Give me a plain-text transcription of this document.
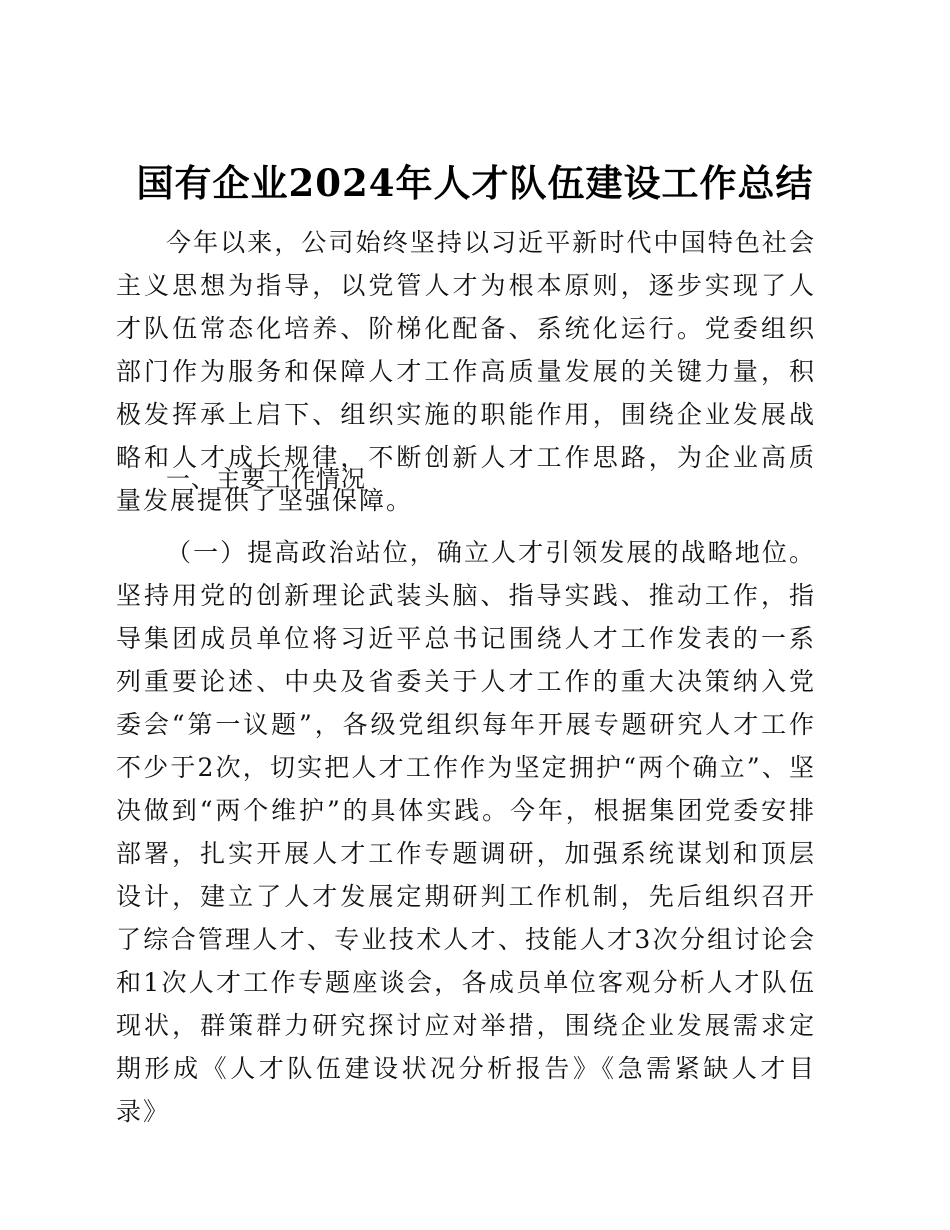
国有企业2024年人才队伍建设工作总结

今年以来，公司始终坚持以习近平新时代中国特色社会主义思想为指导，以党管人才为根本原则，逐步实现了人才队伍常态化培养、阶梯化配备、系统化运行。党委组织部门作为服务和保障人才工作高质量发展的关键力量，积极发挥承上启下、组织实施的职能作用，围绕企业发展战略和人才成长规律，不断创新人才工作思路，为企业高质量发展提供了坚强保障。

一、主要工作情况

（一）提高政治站位，确立人才引领发展的战略地位。坚持用党的创新理论武装头脑、指导实践、推动工作，指导集团成员单位将习近平总书记围绕人才工作发表的一系列重要论述、中央及省委关于人才工作的重大决策纳入党委会“第一议题”，各级党组织每年开展专题研究人才工作不少于2次，切实把人才工作作为坚定拥护“两个确立”、坚决做到“两个维护”的具体实践。今年，根据集团党委安排部署，扎实开展人才工作专题调研，加强系统谋划和顶层设计，建立了人才发展定期研判工作机制，先后组织召开了综合管理人才、专业技术人才、技能人才3次分组讨论会和1次人才工作专题座谈会，各成员单位客观分析人才队伍现状，群策群力研究探讨应对举措，围绕企业发展需求定期形成《人才队伍建设状况分析报告》《急需紧缺人才目录》
